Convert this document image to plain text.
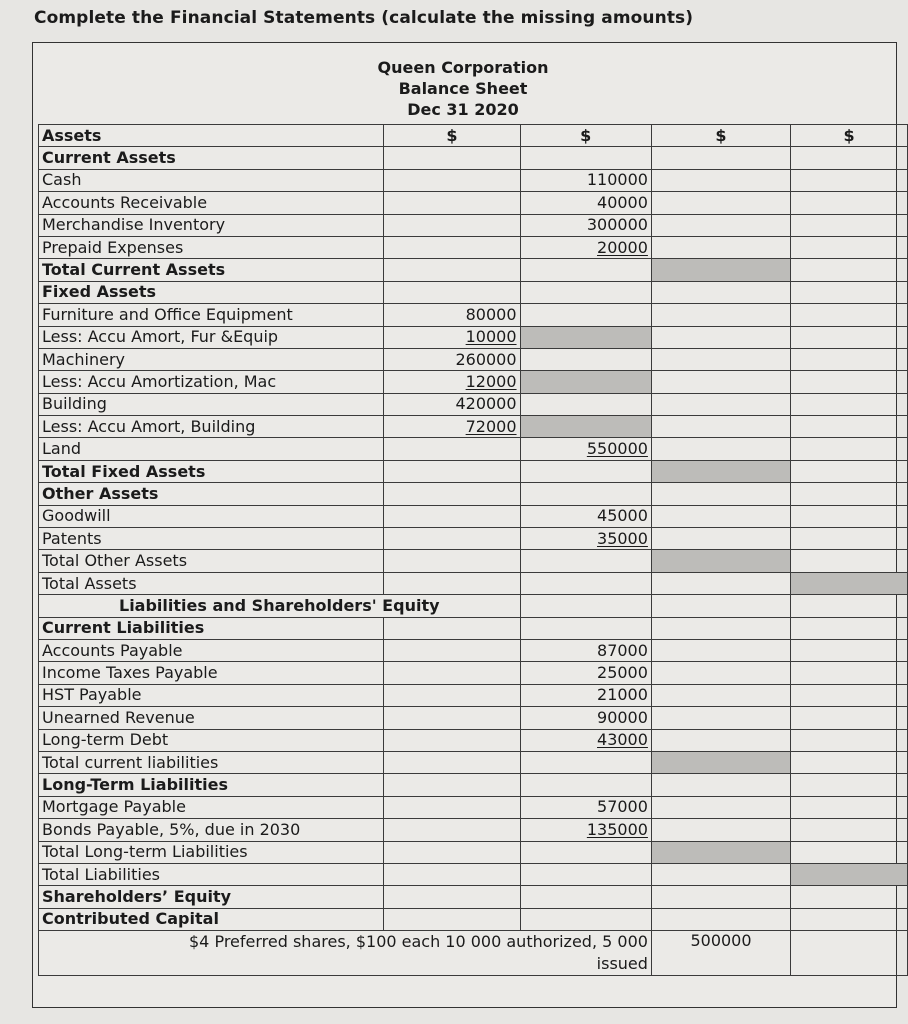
Complete the Financial Statements (calculate the missing amounts)
Queen Corporation
Balance Sheet
Dec 31 2020
Assets	$	$	$	$
Current Assets				
Cash		110000		
Accounts Receivable		40000		
Merchandise Inventory		300000		
Prepaid Expenses		20000		
Total Current Assets				
Fixed Assets				
Furniture and Office Equipment	80000			
Less: Accu Amort, Fur &Equip	10000			
Machinery	260000			
Less: Accu Amortization, Mac	12000			
Building	420000			
Less: Accu Amort, Building	72000			
Land		550000		
Total Fixed Assets				
Other Assets				
Goodwill		45000		
Patents		35000		
Total Other Assets				
Total Assets				
Liabilities and Shareholders' Equity				
Current Liabilities				
Accounts Payable		87000		
Income Taxes Payable		25000		
HST Payable		21000		
Unearned Revenue		90000		
Long-term Debt		43000		
Total current liabilities				
Long-Term Liabilities				
Mortgage Payable		57000		
Bonds Payable, 5%, due in 2030		135000		
Total Long-term Liabilities				
Total Liabilities				
Shareholders’ Equity				
Contributed Capital				

$4 Preferred shares, $100 each 10 000 authorized, 5 000
issued			500000	
